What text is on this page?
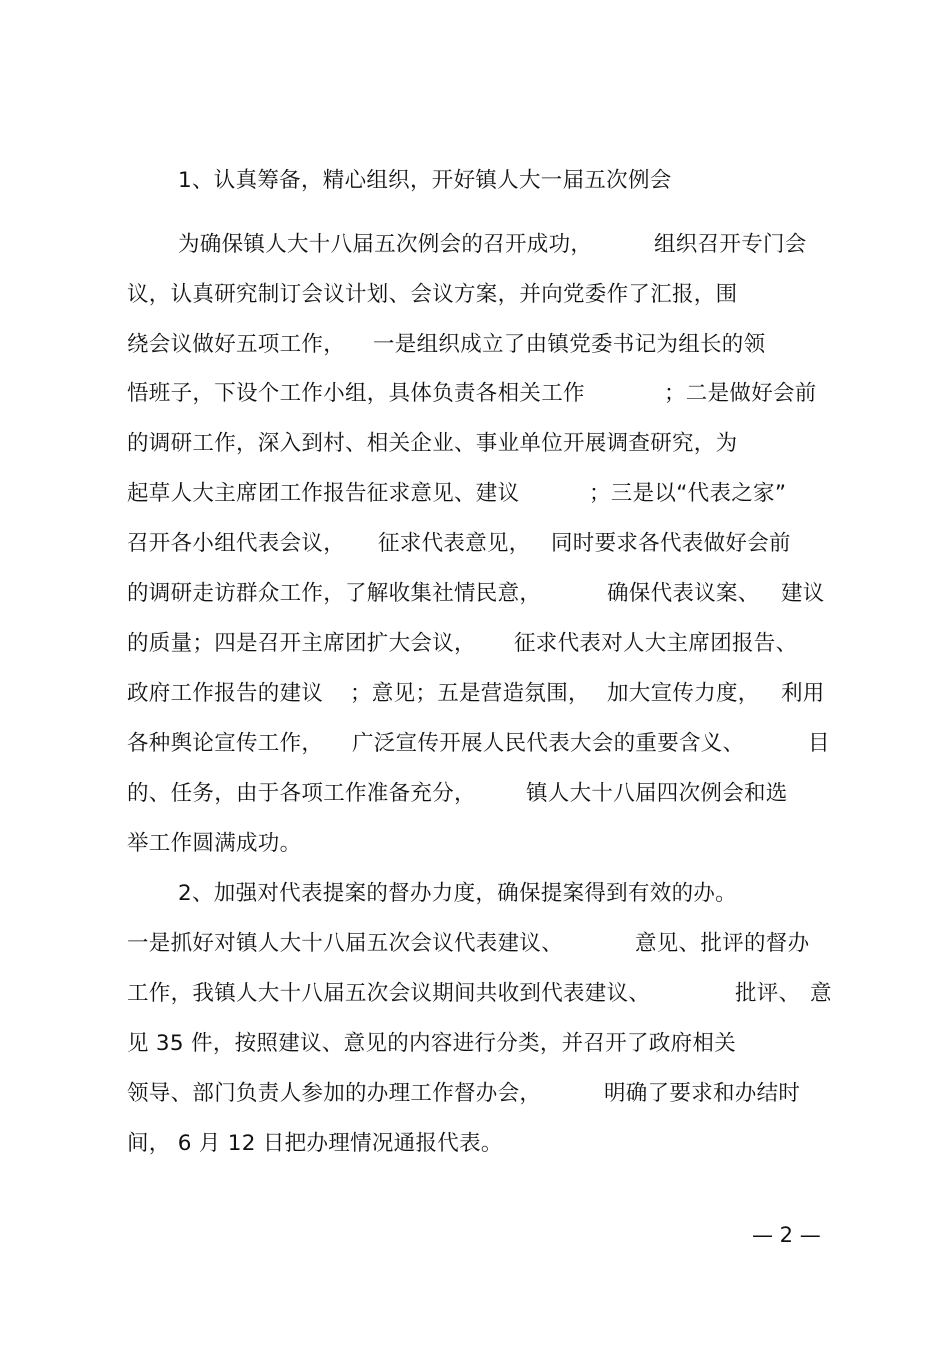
1、认真筹备，精心组织，开好镇人大一届五次例会

为确保镇人大十八届五次例会的召开成功，

	组织召开专门会

议，认真研究制订会议计划、会议方案，并向党委作了汇报，围

绕会议做好五项工作，

一是组织成立了由镇党委书记为组长的领

悟班子，下设个工作小组，具体负责各相关工作

	；二是做好会前

的调研工作，深入到村、相关企业、事业单位开展调查研究，为

起草人大主席团工作报告征求意见、建议

	；三是以“代表之家”

召开各小组代表会议，

征求代表意见，

同时要求各代表做好会前

的调研走访群众工作，了解收集社情民意，

	确保代表议案、

建议

的质量；四是召开主席团扩大会议，

征求代表对人大主席团报告、

政府工作报告的建议

；意见；五是营造氛围，

加大宣传力度，

利用

各种舆论宣传工作，

广泛宣传开展人民代表大会的重要含义、

	目

的、任务，由于各项工作准备充分，

镇人大十八届四次例会和选

举工作圆满成功。

2、加强对代表提案的督办力度，确保提案得到有效的办。

一是抓好对镇人大十八届五次会议代表建议、

	意见、批评的督办

工作，我镇人大十八届五次会议期间共收到代表建议、

	批评、

意

见 35 件，按照建议、意见的内容进行分类，并召开了政府相关

领导、部门负责人参加的办理工作督办会，

	明确了要求和办结时

间， 6 月 12 日把办理情况通报代表。

— 2 —
